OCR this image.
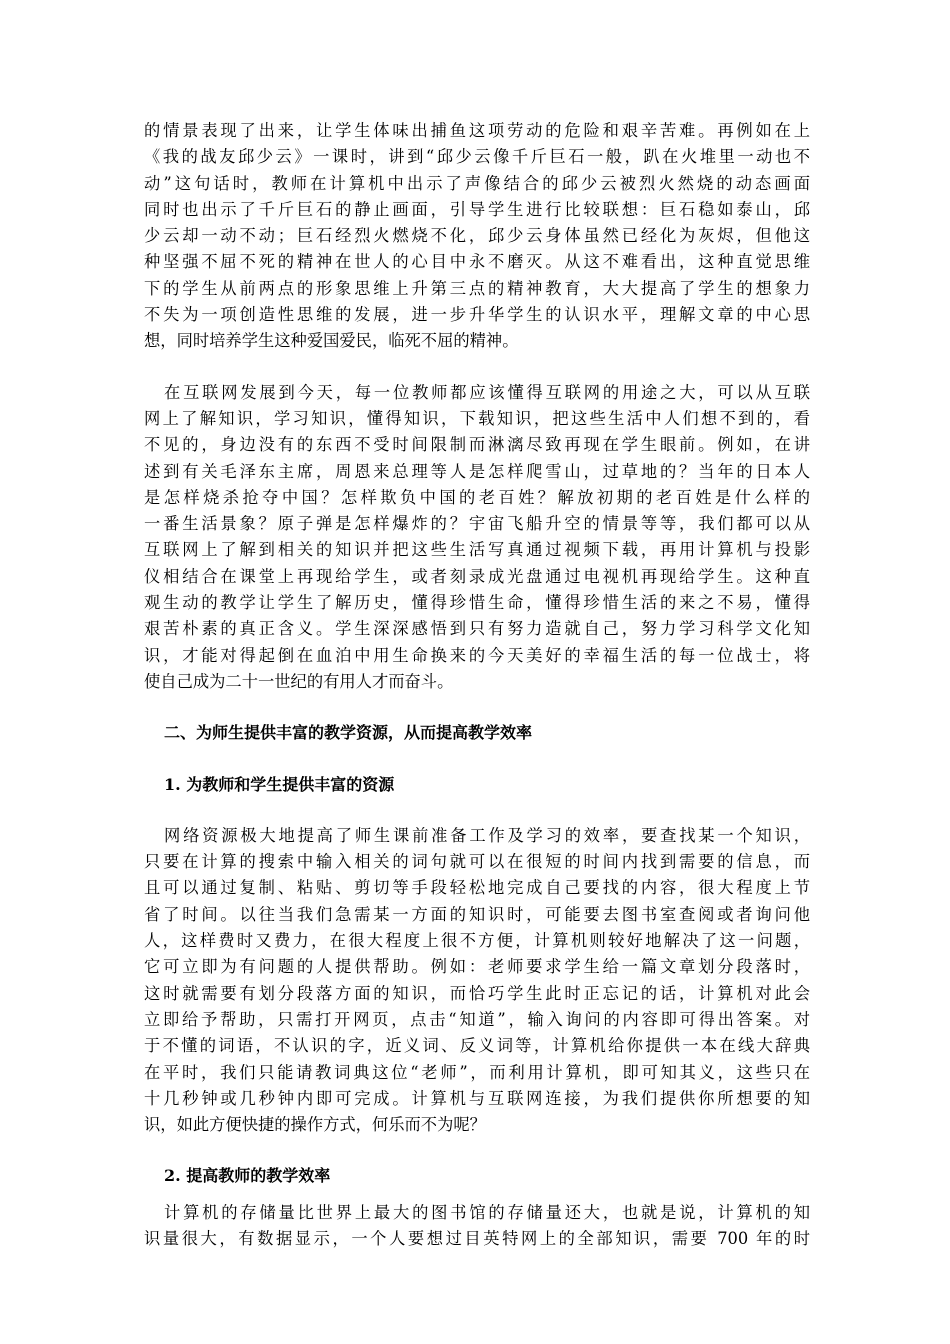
的情景表现了出来，让学生体味出捕鱼这项劳动的危险和艰辛苦难。再例如在上
《我的战友邱少云》一课时，讲到“邱少云像千斤巨石一般，趴在火堆里一动也不
动”这句话时，教师在计算机中出示了声像结合的邱少云被烈火然烧的动态画面
同时也出示了千斤巨石的静止画面，引导学生进行比较联想：巨石稳如泰山，邱
少云却一动不动；巨石经烈火燃烧不化，邱少云身体虽然已经化为灰烬，但他这
种坚强不屈不死的精神在世人的心目中永不磨灭。从这不难看出，这种直觉思维
下的学生从前两点的形象思维上升第三点的精神教育，大大提高了学生的想象力
不失为一项创造性思维的发展，进一步升华学生的认识水平，理解文章的中心思
想，同时培养学生这种爱国爱民，临死不屈的精神。
在互联网发展到今天，每一位教师都应该懂得互联网的用途之大，可以从互联
网上了解知识，学习知识，懂得知识，下载知识，把这些生活中人们想不到的，看
不见的，身边没有的东西不受时间限制而淋漓尽致再现在学生眼前。例如，在讲
述到有关毛泽东主席，周恩来总理等人是怎样爬雪山，过草地的？当年的日本人
是怎样烧杀抢夺中国？怎样欺负中国的老百姓？解放初期的老百姓是什么样的
一番生活景象？原子弹是怎样爆炸的？宇宙飞船升空的情景等等，我们都可以从
互联网上了解到相关的知识并把这些生活写真通过视频下载，再用计算机与投影
仪相结合在课堂上再现给学生，或者刻录成光盘通过电视机再现给学生。这种直
观生动的教学让学生了解历史，懂得珍惜生命，懂得珍惜生活的来之不易，懂得
艰苦朴素的真正含义。学生深深感悟到只有努力造就自己，努力学习科学文化知
识，才能对得起倒在血泊中用生命换来的今天美好的幸福生活的每一位战士，将
使自己成为二十一世纪的有用人才而奋斗。
二、为师生提供丰富的教学资源，从而提高教学效率
1. 为教师和学生提供丰富的资源
网络资源极大地提高了师生课前准备工作及学习的效率，要查找某一个知识，
只要在计算的搜索中输入相关的词句就可以在很短的时间内找到需要的信息，而
且可以通过复制、粘贴、剪切等手段轻松地完成自己要找的内容，很大程度上节
省了时间。以往当我们急需某一方面的知识时，可能要去图书室查阅或者询问他
人，这样费时又费力，在很大程度上很不方便，计算机则较好地解决了这一问题，
它可立即为有问题的人提供帮助。例如：老师要求学生给一篇文章划分段落时，
这时就需要有划分段落方面的知识，而恰巧学生此时正忘记的话，计算机对此会
立即给予帮助，只需打开网页，点击“知道”，输入询问的内容即可得出答案。对
于不懂的词语，不认识的字，近义词、反义词等，计算机给你提供一本在线大辞典
在平时，我们只能请教词典这位“老师”，而利用计算机，即可知其义，这些只在
十几秒钟或几秒钟内即可完成。计算机与互联网连接，为我们提供你所想要的知
识，如此方便快捷的操作方式，何乐而不为呢？
2. 提高教师的教学效率
计算机的存储量比世界上最大的图书馆的存储量还大，也就是说，计算机的知
识量很大，有数据显示，一个人要想过目英特网上的全部知识，需要 700 年的时
